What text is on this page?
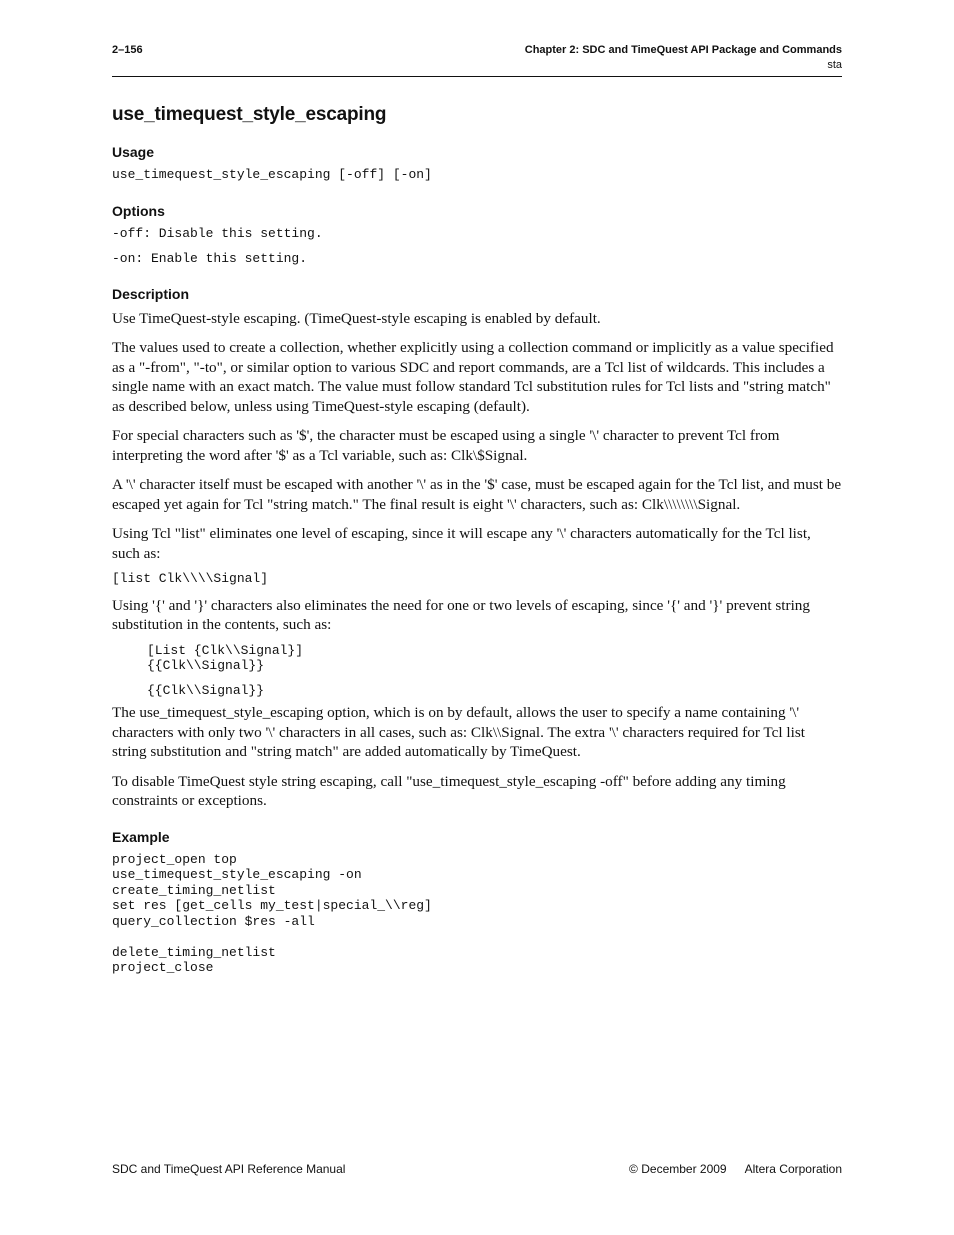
2–156	Chapter 2: SDC and TimeQuest API Package and Commands
sta
use_timequest_style_escaping
Usage
use_timequest_style_escaping [-off] [-on]
Options
-off: Disable this setting.
-on: Enable this setting.
Description

Use TimeQuest-style escaping. (TimeQuest-style escaping is enabled by default.

The values used to create a collection, whether explicitly using a collection command or implicitly as a value specified as a "-from", "-to", or similar option to various SDC and report commands, are a Tcl list of wildcards. This includes a single name with an exact match. The value must follow standard Tcl substitution rules for Tcl lists and "string match" as described below, unless using TimeQuest-style escaping (default).

For special characters such as '$', the character must be escaped using a single '\' character to prevent Tcl from interpreting the word after '$' as a Tcl variable, such as: Clk\$Signal.

A '\' character itself must be escaped with another '\' as in the '$' case, must be escaped again for the Tcl list, and must be escaped yet again for Tcl "string match." The final result is eight '\' characters, such as: Clk\\\\\\\\Signal.

Using Tcl "list" eliminates one level of escaping, since it will escape any '\' characters automatically for the Tcl list, such as:

[list Clk\\\\Signal]

Using '{' and '}' characters also eliminates the need for one or two levels of escaping, since '{' and '}' prevent string substitution in the contents, such as:

[List {Clk\\Signal}]
{{Clk\\Signal}}
{{Clk\\Signal}}

The use_timequest_style_escaping option, which is on by default, allows the user to specify a name containing '\' characters with only two '\' characters in all cases, such as: Clk\\Signal. The extra '\' characters required for Tcl list string substitution and "string match" are added automatically by TimeQuest.

To disable TimeQuest style string escaping, call "use_timequest_style_escaping -off" before adding any timing constraints or exceptions.

Example
project_open top
use_timequest_style_escaping -on
create_timing_netlist
set res [get_cells my_test|special_\\reg]
query_collection $res -all

delete_timing_netlist
project_close
SDC and TimeQuest API Reference Manual	© December 2009 Altera Corporation
